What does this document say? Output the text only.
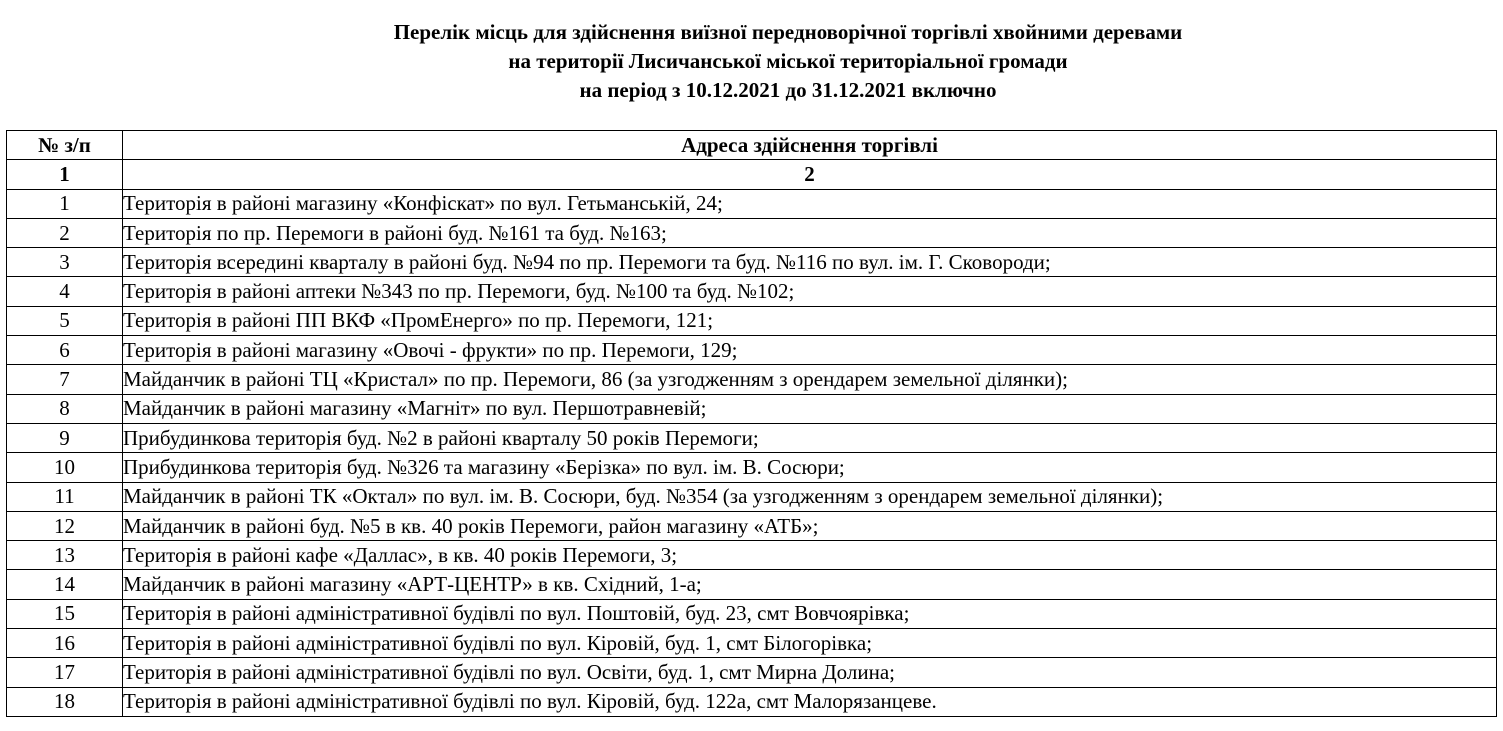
Перелік місць для здійснення виїзної передноворічної торгівлі хвойними деревами
на території Лисичанської міської територіальної громади
на період з 10.12.2021 до 31.12.2021 включно
№ з/п	Адреса здійснення торгівлі
1	2
1	Територія в районі магазину «Конфіскат» по вул. Гетьманській, 24;
2	Територія по пр. Перемоги в районі буд. №161 та буд. №163;
3	Територія всередині кварталу в районі буд. №94 по пр. Перемоги та буд. №116 по вул. ім. Г. Сковороди;
4	Територія в районі аптеки №343 по пр. Перемоги, буд. №100 та буд. №102;
5	Територія в районі ПП ВКФ «ПромЕнерго» по пр. Перемоги, 121;
6	Територія в районі магазину «Овочі - фрукти» по пр. Перемоги, 129;
7	Майданчик в районі ТЦ «Кристал» по пр. Перемоги, 86 (за узгодженням з орендарем земельної ділянки);
8	Майданчик в районі магазину «Магніт» по вул. Першотравневій;
9	Прибудинкова територія буд. №2 в районі кварталу 50 років Перемоги;
10	Прибудинкова територія буд. №326 та магазину «Берізка» по вул. ім. В. Сосюри;
11	Майданчик в районі ТК «Октал» по вул. ім. В. Сосюри, буд. №354 (за узгодженням з орендарем земельної ділянки);
12	Майданчик в районі буд. №5 в кв. 40 років Перемоги, район магазину «АТБ»;
13	Територія в районі кафе «Даллас», в кв. 40 років Перемоги, 3;
14	Майданчик в районі магазину «АРТ-ЦЕНТР» в кв. Східний, 1-а;
15	Територія в районі адміністративної будівлі по вул. Поштовій, буд. 23, смт Вовчоярівка;
16	Територія в районі адміністративної будівлі по вул. Кіровій, буд. 1, смт Білогорівка;
17	Територія в районі адміністративної будівлі по вул. Освіти, буд. 1, смт Мирна Долина;
18	Територія в районі адміністративної будівлі по вул. Кіровій, буд. 122а, смт Малорязанцеве.
